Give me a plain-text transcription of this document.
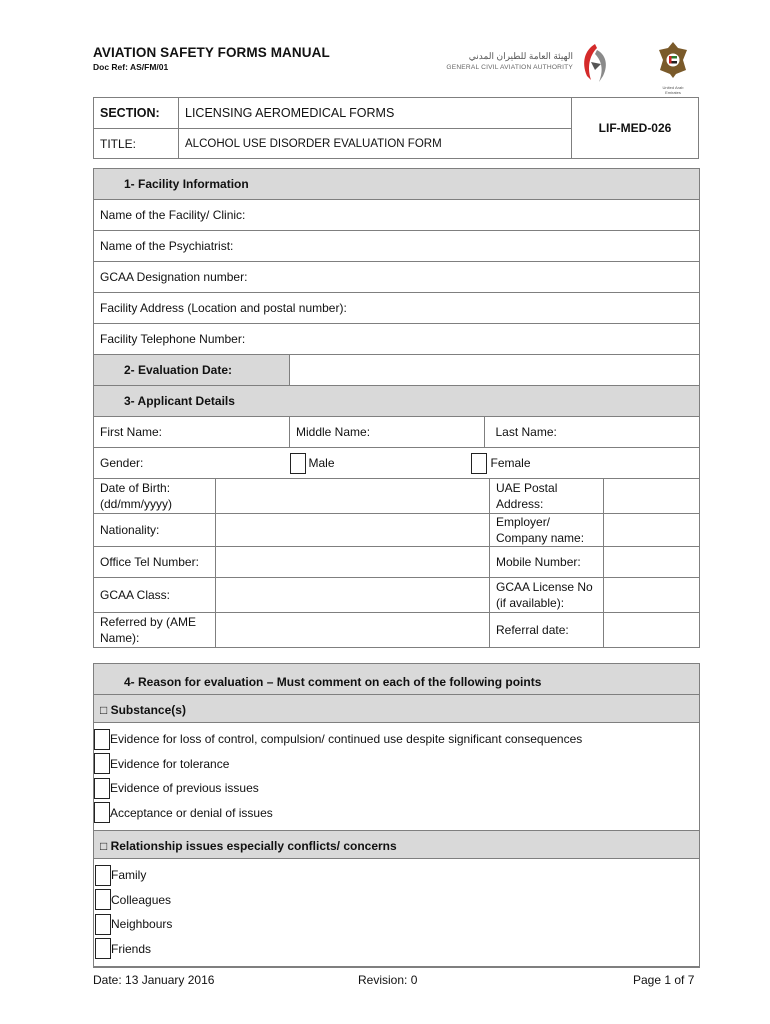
AVIATION SAFETY FORMS MANUAL
Doc Ref: AS/FM/01
الهيئة العامة للطيران المدني
GENERAL CIVIL AVIATION AUTHORITY
United Arab Emirates
SECTION:	LICENSING AEROMEDICAL FORMS	LIF-MED-026
TITLE:	ALCOHOL USE DISORDER EVALUATION FORM	
1- Facility Information				
Name of the Facility/ Clinic:				
Name of the Psychiatrist:				
GCAA Designation number:				
Facility Address (Location and postal number):				
Facility Telephone Number:				
2- Evaluation Date:				
3- Applicant Details				
First Name:		Middle Name:	Last Name:	
Gender:		Male Female		

Date of Birth: (dd/mm/yyyy)			UAE Postal Address:	
Nationality:			Employer/ Company name:	
Office Tel Number:			Mobile Number:	
GCAA Class:			GCAA License No (if available):	
Referred by (AME Name):			Referral date:	
4- Reason for evaluation – Must comment on each of the following points
□ Substance(s)
Evidence for loss of control, compulsion/ continued use despite significant consequences
Evidence for tolerance
Evidence of previous issues
Acceptance or denial of issues
□ Relationship issues especially conflicts/ concerns
Family
Colleagues
Neighbours
Friends
Date: 13 January 2016	Revision: 0	Page 1 of 7
